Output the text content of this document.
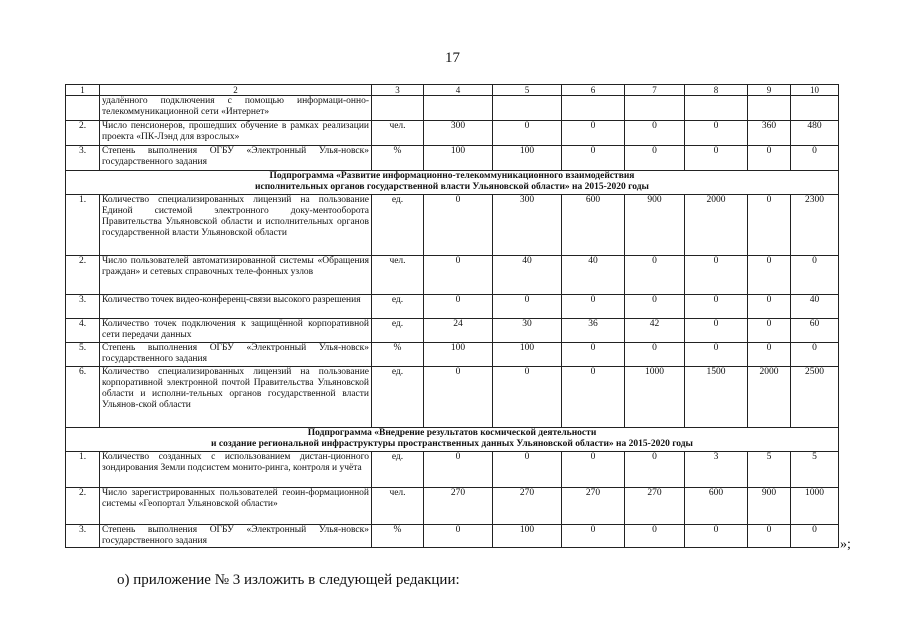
17
1	2	3	4	5	6	7	8	9	10
	удалённого подключения с помощью информаци-онно-телекоммуникационной сети «Интернет»								
2.	Число пенсионеров, прошедших обучение в рамках реализации проекта «ПК-Лэнд для взрослых»	чел.	300	0	0	0	0	360	480
3.	Степень выполнения ОГБУ «Электронный Улья-новск» государственного задания	%	100	100	0	0	0	0	0

Подпрограмма «Развитие информационно-телекоммуникационного взаимодействия
исполнительных органов государственной власти Ульяновской области» на 2015-2020 годы									

1.	Количество специализированных лицензий на пользование Единой системой электронного доку-ментооборота Правительства Ульяновской области и исполнительных органов государственной власти Ульяновской области	ед.	0	300	600	900	2000	0	2300
2.	Число пользователей автоматизированной системы «Обращения граждан» и сетевых справочных теле-фонных узлов	чел.	0	40	40	0	0	0	0
3.	Количество точек видео-конференц-связи высокого разрешения	ед.	0	0	0	0	0	0	40
4.	Количество точек подключения к защищённой корпоративной сети передачи данных	ед.	24	30	36	42	0	0	60
5.	Степень выполнения ОГБУ «Электронный Улья-новск» государственного задания	%	100	100	0	0	0	0	0
6.	Количество специализированных лицензий на пользование корпоративной электронной почтой Правительства Ульяновской области и исполни-тельных органов государственной власти Ульянов-ской области	ед.	0	0	0	1000	1500	2000	2500

Подпрограмма «Внедрение результатов космической деятельности
и создание региональной инфраструктуры пространственных данных Ульяновской области» на 2015-2020 годы									

1.	Количество созданных с использованием дистан-ционного зондирования Земли подсистем монито-ринга, контроля и учёта	ед.	0	0	0	0	3	5	5
2.	Число зарегистрированных пользователей геоин-формационной системы «Геопортал Ульяновской области»	чел.	270	270	270	270	600	900	1000
3.	Степень выполнения ОГБУ «Электронный Улья-новск» государственного задания	%	0	100	0	0	0	0	0
»;
о) приложение № 3 изложить в следующей редакции:
